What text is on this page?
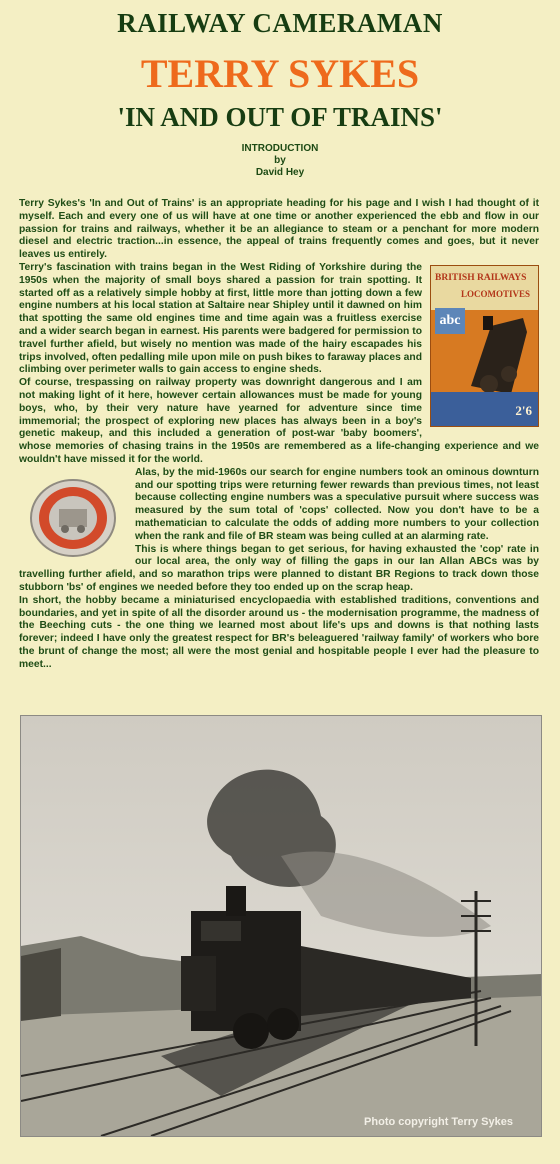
RAILWAY CAMERAMAN
TERRY SYKES
'IN AND OUT OF TRAINS'
INTRODUCTION
by
David Hey

Terry Sykes's 'In and Out of Trains' is an appropriate heading for his page and I wish I had thought of it myself. Each and every one of us will have at one time or another experienced the ebb and flow in our passion for trains and railways, whether it be an allegiance to steam or a penchant for more modern diesel and electric traction...in essence, the appeal of trains frequently comes and goes, but it never leaves us entirely.

BRITISH RAILWAYS
LOCOMOTIVES
abc
2'6

Terry's fascination with trains began in the West Riding of Yorkshire during the 1950s when the majority of small boys shared a passion for train spotting. It started off as a relatively simple hobby at first, little more than jotting down a few engine numbers at his local station at Saltaire near Shipley until it dawned on him that spotting the same old engines time and time again was a fruitless exercise and a wider search began in earnest. His parents were badgered for permission to travel further afield, but wisely no mention was made of the hairy escapades his trips involved, often pedalling mile upon mile on push bikes to faraway places and climbing over perimeter walls to gain access to engine sheds.

Of course, trespassing on railway property was downright dangerous and I am not making light of it here, however certain allowances must be made for young boys, who, by their very nature have yearned for adventure since time immemorial; the prospect of exploring new places has always been in a boy's genetic makeup, and this included a generation of post-war 'baby boomers', whose memories of chasing trains in the 1950s are remembered as a life-changing experience and we wouldn't have missed it for the world.

Alas, by the mid-1960s our search for engine numbers took an ominous downturn and our spotting trips were returning fewer rewards than previous times, not least because collecting engine numbers was a speculative pursuit where success was measured by the sum total of 'cops' collected. Now you don't have to be a mathematician to calculate the odds of adding more numbers to your collection when the rank and file of BR steam was being culled at an alarming rate.

This is where things began to get serious, for having exhausted the 'cop' rate in our local area, the only way of filling the gaps in our Ian Allan ABCs was by travelling further afield, and so marathon trips were planned to distant BR Regions to track down those stubborn 'bs' of engines we needed before they too ended up on the scrap heap.

In short, the hobby became a miniaturised encyclopaedia with established traditions, conventions and boundaries, and yet in spite of all the disorder around us - the modernisation programme, the madness of the Beeching cuts - the one thing we learned most about life's ups and downs is that nothing lasts forever; indeed I have only the greatest respect for BR's beleaguered 'railway family' of workers who bore the brunt of change the most; all were the most genial and hospitable people I ever had the pleasure to meet...

Photo copyright Terry Sykes
